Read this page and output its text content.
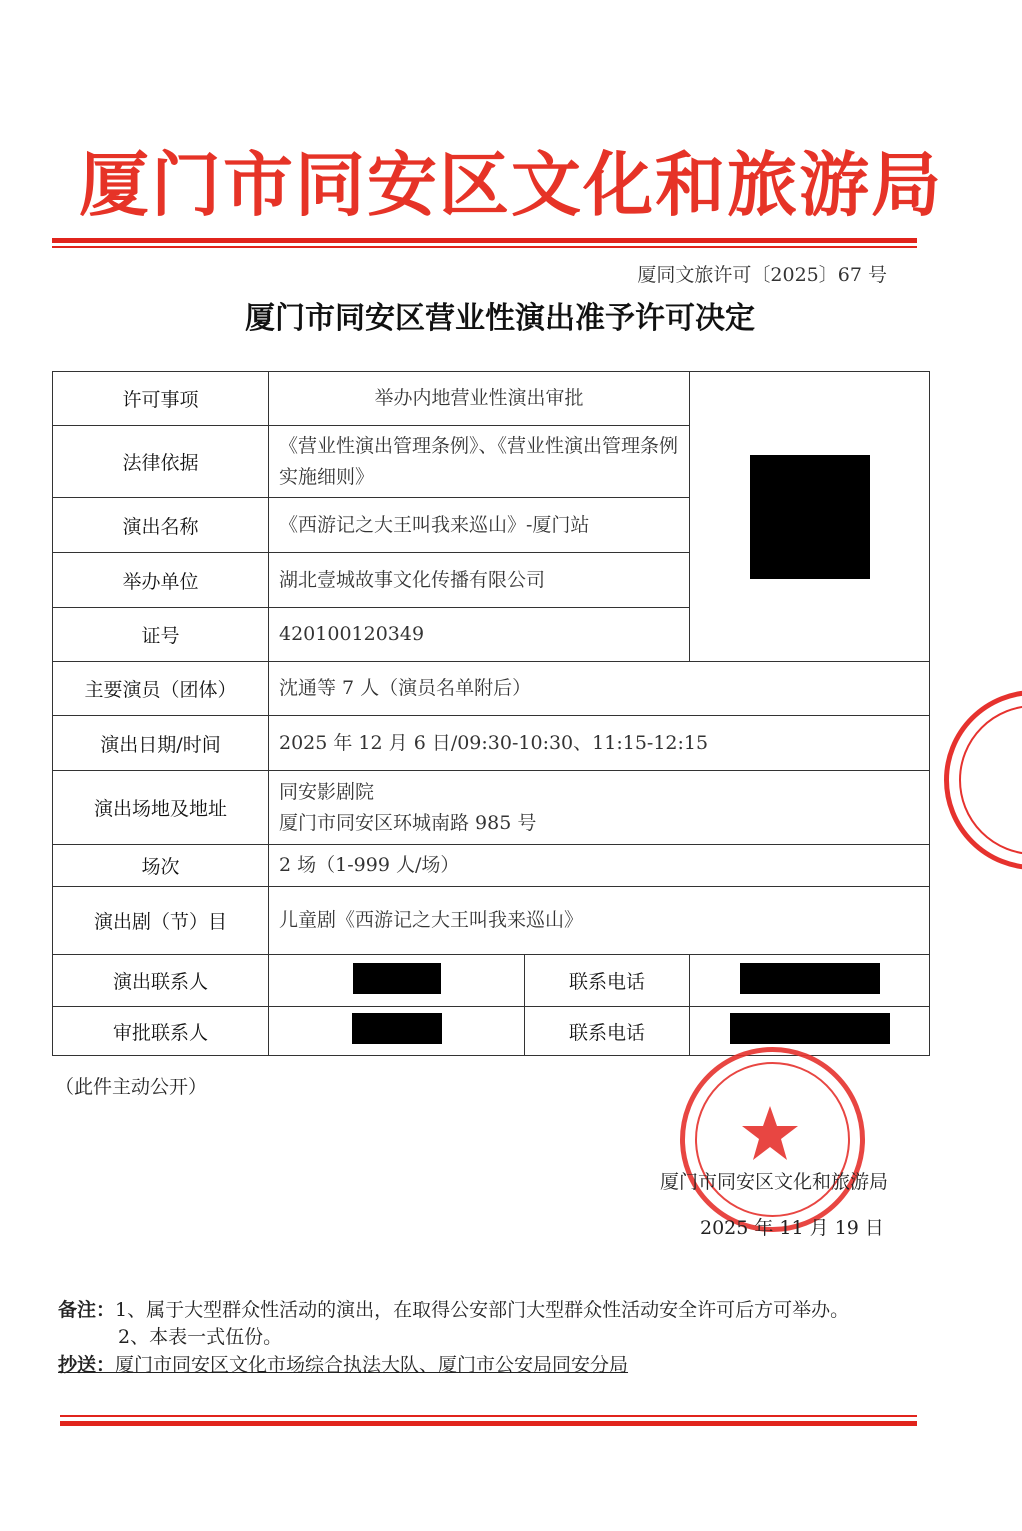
厦门市同安区文化和旅游局
厦同文旅许可〔2025〕67 号
厦门市同安区营业性演出准予许可决定
许可事项	举办内地营业性演出审批		

法律依据	《营业性演出管理条例》、《营业性演出管理条例实施细则》		
演出名称	《西游记之大王叫我来巡山》-厦门站		
举办单位	湖北壹城故事文化传播有限公司		
证号	420100120349		
主要演员（团体）	沈通等 7 人（演员名单附后）		
演出日期/时间	2025 年 12 月 6 日/09:30-10:30、11:15-12:15		
演出场地及地址	同安影剧院
厦门市同安区环城南路 985 号		

场次	2 场（1-999 人/场）		
演出剧（节）目	儿童剧《西游记之大王叫我来巡山》		
演出联系人		联系电话	
审批联系人		联系电话	
（此件主动公开）
厦门市同安区文化和旅游局
2025 年 11 月 19 日
备注：1、属于大型群众性活动的演出，在取得公安部门大型群众性活动安全许可后方可举办。
2、本表一式伍份。
抄送：厦门市同安区文化市场综合执法大队、厦门市公安局同安分局
